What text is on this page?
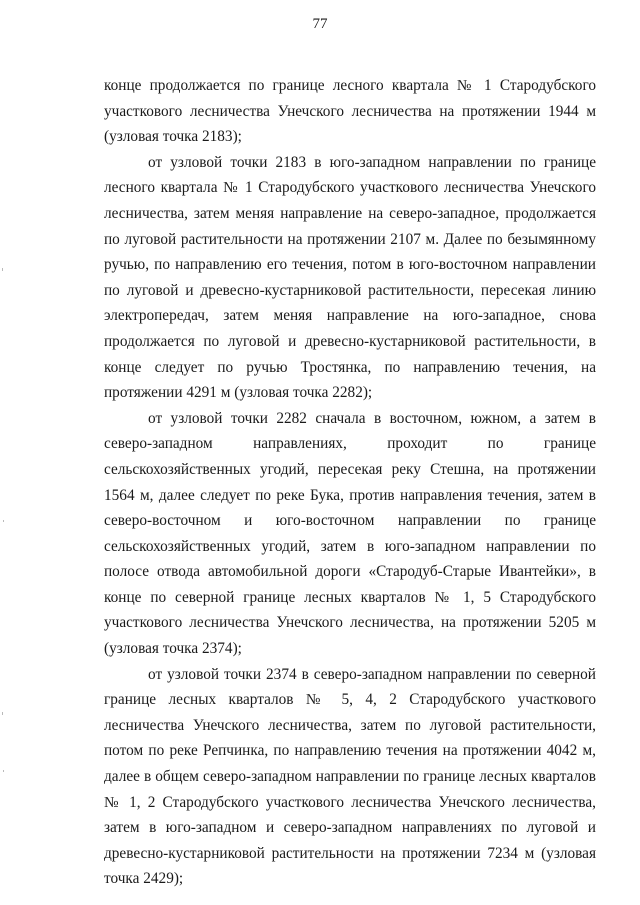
77

конце продолжается по границе лесного квартала № 1 Стародубского участкового лесничества Унечского лесничества на протяжении 1944 м (узловая точка 2183);

от узловой точки 2183 в юго-западном направлении по границе лесного квартала № 1 Стародубского участкового лесничества Унечского лесничества, затем меняя направление на северо-западное, продолжается по луговой растительности на протяжении 2107 м. Далее по безымянному ручью, по направлению его течения, потом в юго-восточном направлении по луговой и древесно-кустарниковой растительности, пересекая линию электропередач, затем меняя направление на юго-западное, снова продолжается по луговой и древесно-кустарниковой растительности, в конце следует по ручью Тростянка, по направлению течения, на протяжении 4291 м (узловая точка 2282);

от узловой точки 2282 сначала в восточном, южном, а затем в северо-западном направлениях, проходит по границе сельскохозяйственных угодий, пересекая реку Стешна, на протяжении 1564 м, далее следует по реке Бука, против направления течения, затем в северо-восточном и юго-восточном направлении по границе сельскохозяйственных угодий, затем в юго-западном направлении по полосе отвода автомобильной дороги «Стародуб-Старые Ивантейки», в конце по северной границе лесных кварталов № 1, 5 Стародубского участкового лесничества Унечского лесничества, на протяжении 5205 м (узловая точка 2374);

от узловой точки 2374 в северо-западном направлении по северной границе лесных кварталов № 5, 4, 2 Стародубского участкового лесничества Унечского лесничества, затем по луговой растительности, потом по реке Репчинка, по направлению течения на протяжении 4042 м, далее в общем северо-западном направлении по границе лесных кварталов № 1, 2 Стародубского участкового лесничества Унечского лесничества, затем в юго-западном и северо-западном направлениях по луговой и древесно-кустарниковой растительности на протяжении 7234 м (узловая точка 2429);
